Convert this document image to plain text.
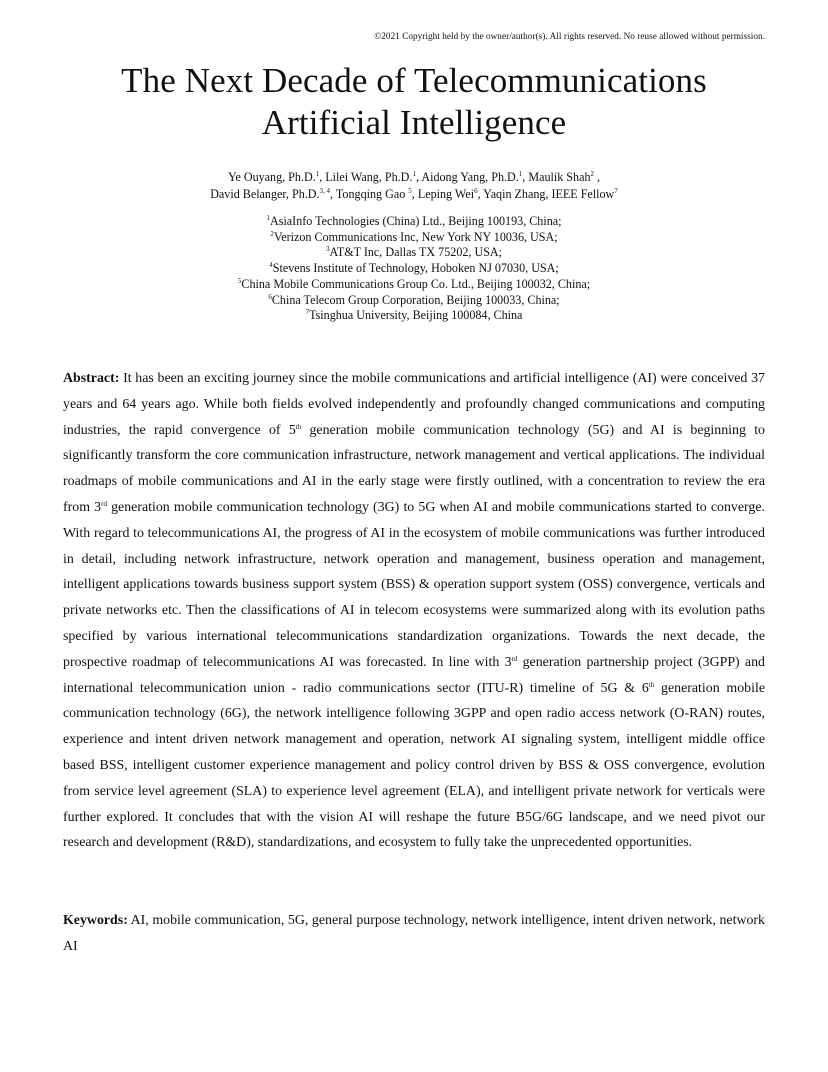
©2021 Copyright held by the owner/author(s). All rights reserved. No reuse allowed without permission.
The Next Decade of Telecommunications
Artificial Intelligence
Ye Ouyang, Ph.D.$^1$, Lilei Wang, Ph.D.$^1$, Aidong Yang, Ph.D.$^1$, Maulik Shah$^2$ ,
David Belanger, Ph.D.$^{3, 4}$, Tongqing Gao $^5$, Leping Wei$^6$, Yaqin Zhang, IEEE Fellow$^7$
$^1$AsiaInfo Technologies (China) Ltd., Beijing 100193, China;
$^2$Verizon Communications Inc, New York NY 10036, USA;
$^3$AT&T Inc, Dallas TX 75202, USA;
$^4$Stevens Institute of Technology, Hoboken NJ 07030, USA;
$^5$China Mobile Communications Group Co. Ltd., Beijing 100032, China;
$^6$China Telecom Group Corporation, Beijing 100033, China;
$^7$Tsinghua University, Beijing 100084, China

Abstract: It has been an exciting journey since the mobile communications and artificial intelligence (AI) were conceived 37 years and 64 years ago. While both fields evolved independently and profoundly changed communications and computing industries, the rapid convergence of 5th generation mobile communication technology (5G) and AI is beginning to significantly transform the core communication infrastructure, network management and vertical applications. The individual roadmaps of mobile communications and AI in the early stage were firstly outlined, with a concentration to review the era from 3rd generation mobile communication technology (3G) to 5G when AI and mobile communications started to converge. With regard to telecommunications AI, the progress of AI in the ecosystem of mobile communications was further introduced in detail, including network infrastructure, network operation and management, business operation and management, intelligent applications towards business support system (BSS) & operation support system (OSS) convergence, verticals and private networks etc. Then the classifications of AI in telecom ecosystems were summarized along with its evolution paths specified by various international telecommunications standardization organizations. Towards the next decade, the prospective roadmap of telecommunications AI was forecasted. In line with 3rd generation partnership project (3GPP) and international telecommunication union - radio communications sector (ITU-R) timeline of 5G & 6th generation mobile communication technology (6G), the network intelligence following 3GPP and open radio access network (O-RAN) routes, experience and intent driven network management and operation, network AI signaling system, intelligent middle office based BSS, intelligent customer experience management and policy control driven by BSS & OSS convergence, evolution from service level agreement (SLA) to experience level agreement (ELA), and intelligent private network for verticals were further explored. It concludes that with the vision AI will reshape the future B5G/6G landscape, and we need pivot our research and development (R&D), standardizations, and ecosystem to fully take the unprecedented opportunities.

Keywords: AI, mobile communication, 5G, general purpose technology, network intelligence, intent driven network, network AI
